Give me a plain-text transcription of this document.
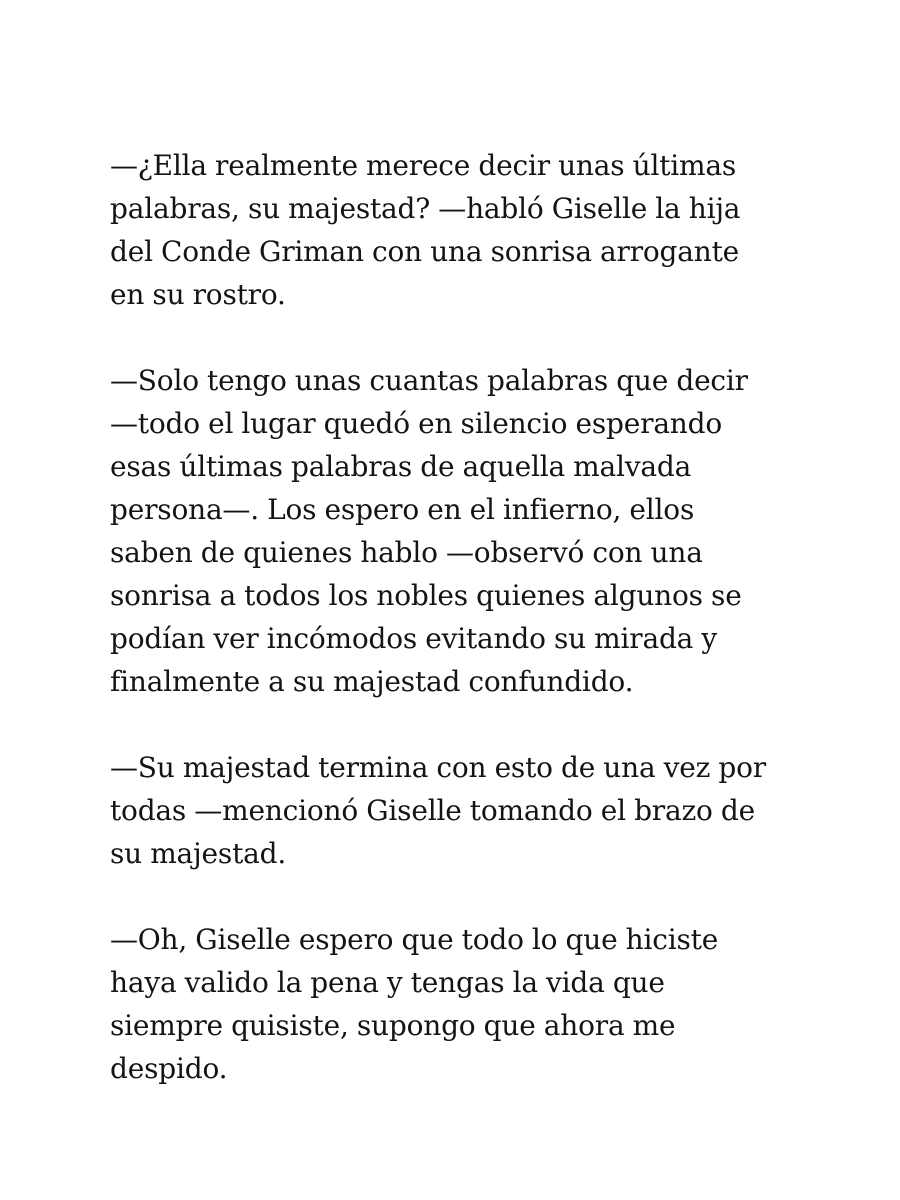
—¿Ella realmente merece decir unas últimas
palabras, su majestad? —habló Giselle la hija
del Conde Griman con una sonrisa arrogante
en su rostro.

—Solo tengo unas cuantas palabras que decir
—todo el lugar quedó en silencio esperando
esas últimas palabras de aquella malvada
persona—. Los espero en el infierno, ellos
saben de quienes hablo —observó con una
sonrisa a todos los nobles quienes algunos se
podían ver incómodos evitando su mirada y
finalmente a su majestad confundido.

—Su majestad termina con esto de una vez por
todas —mencionó Giselle tomando el brazo de
su majestad.

—Oh, Giselle espero que todo lo que hiciste
haya valido la pena y tengas la vida que
siempre quisiste, supongo que ahora me
despido.
